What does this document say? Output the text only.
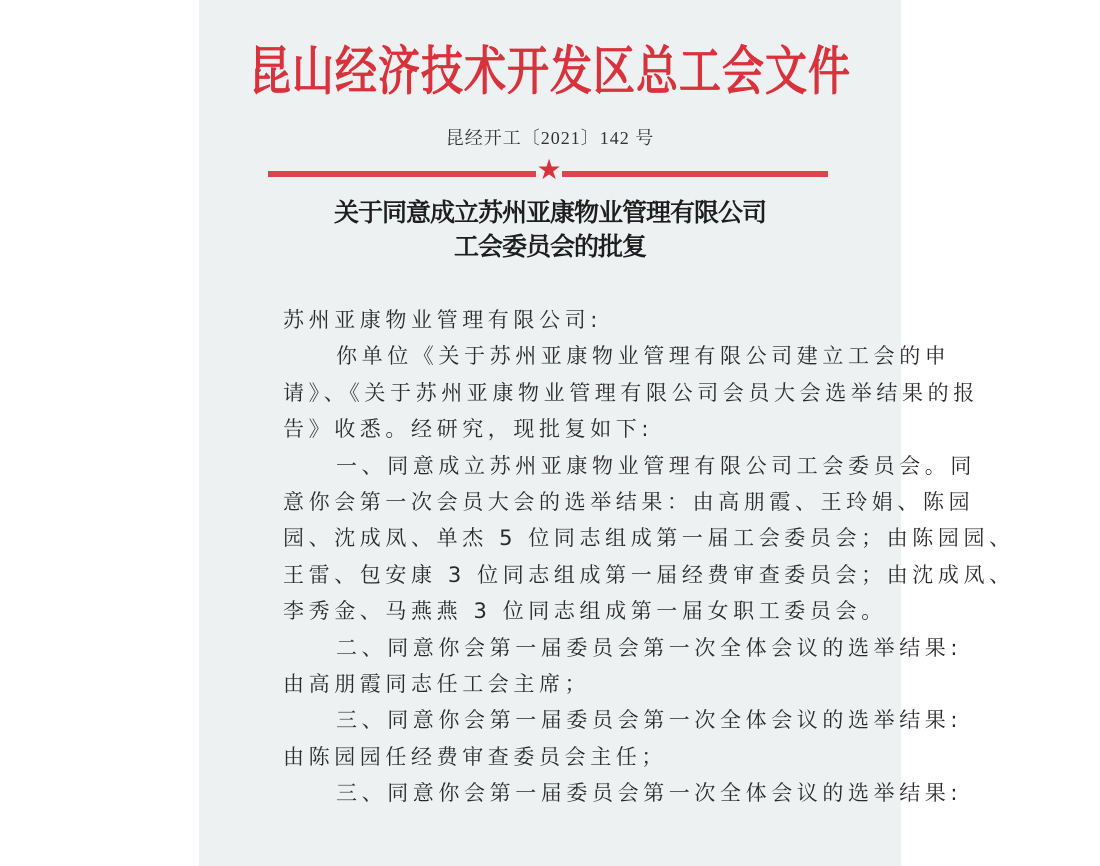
昆山经济技术开发区总工会文件
昆经开工〔2021〕142 号
★
关于同意成立苏州亚康物业管理有限公司
工会委员会的批复
苏州亚康物业管理有限公司:
你单位《关于苏州亚康物业管理有限公司建立工会的申
请》、《关于苏州亚康物业管理有限公司会员大会选举结果的报
告》收悉。经研究，现批复如下:
一、同意成立苏州亚康物业管理有限公司工会委员会。同
意你会第一次会员大会的选举结果：由高朋霞、王玲娟、陈园
园、沈成凤、单杰 5 位同志组成第一届工会委员会；由陈园园、
王雷、包安康 3 位同志组成第一届经费审查委员会；由沈成凤、
李秀金、马燕燕 3 位同志组成第一届女职工委员会。
二、同意你会第一届委员会第一次全体会议的选举结果:
由高朋霞同志任工会主席；
三、同意你会第一届委员会第一次全体会议的选举结果:
由陈园园任经费审查委员会主任；
三、同意你会第一届委员会第一次全体会议的选举结果:
